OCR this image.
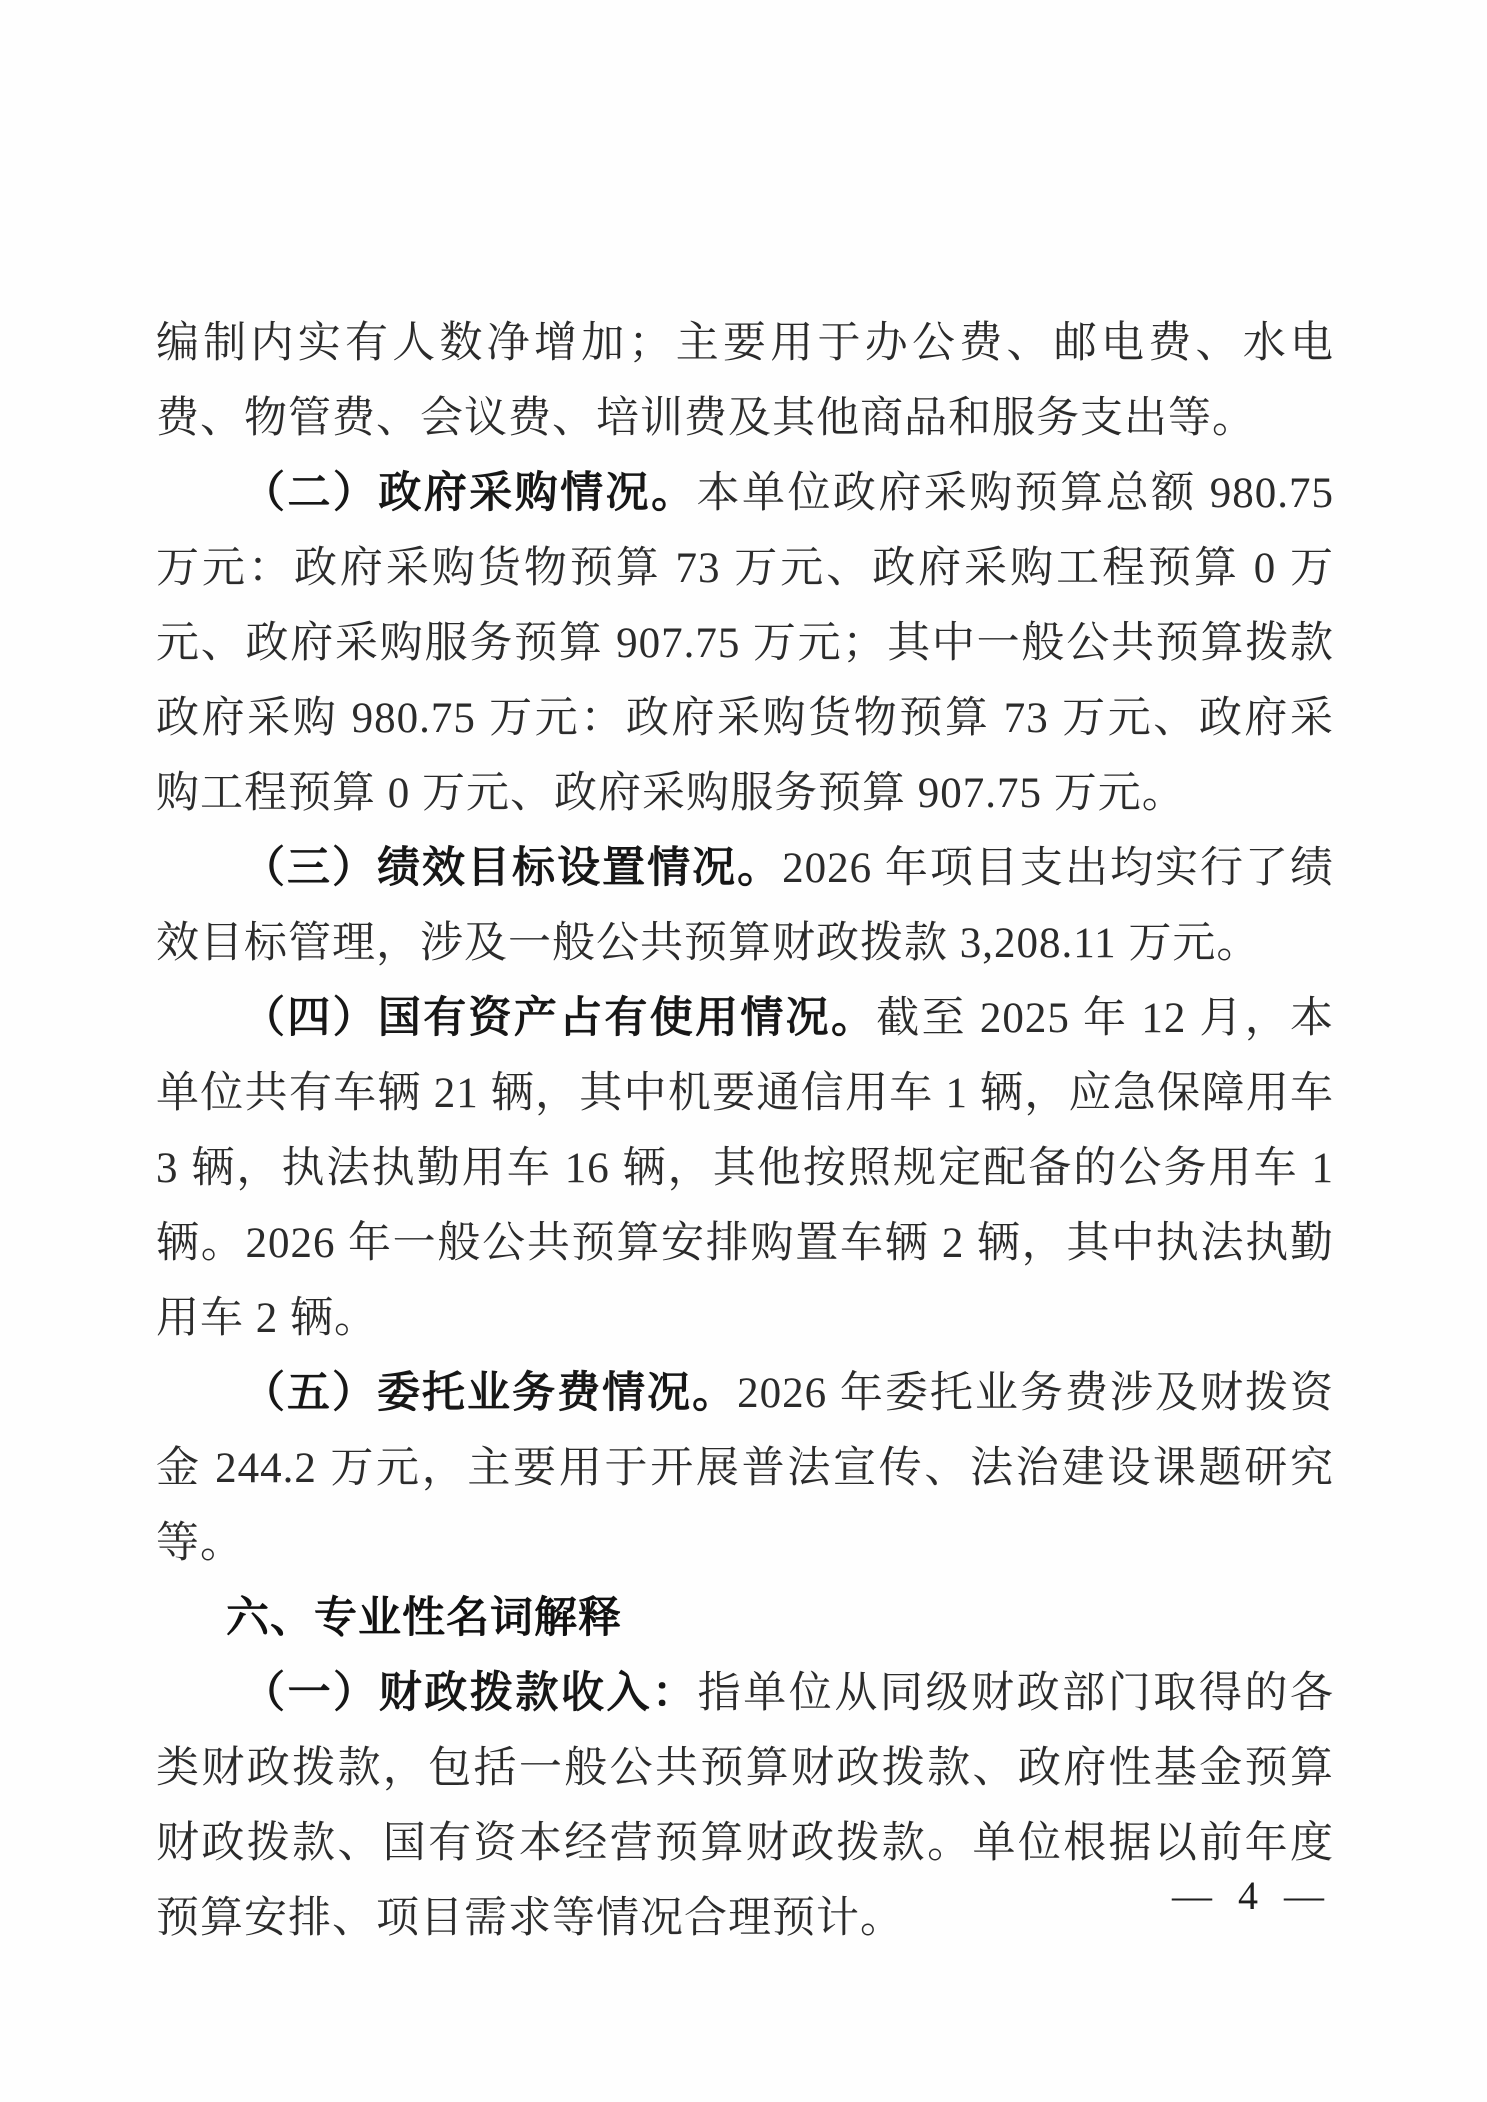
编制内实有人数净增加；主要用于办公费、邮电费、水电费、物管费、会议费、培训费及其他商品和服务支出等。

（二）政府采购情况。本单位政府采购预算总额 980.75 万元：政府采购货物预算 73 万元、政府采购工程预算 0 万元、政府采购服务预算 907.75 万元；其中一般公共预算拨款政府采购 980.75 万元：政府采购货物预算 73 万元、政府采购工程预算 0 万元、政府采购服务预算 907.75 万元。

（三）绩效目标设置情况。2026 年项目支出均实行了绩效目标管理，涉及一般公共预算财政拨款 3,208.11 万元。

（四）国有资产占有使用情况。截至 2025 年 12 月，本单位共有车辆 21 辆，其中机要通信用车 1 辆，应急保障用车 3 辆，执法执勤用车 16 辆，其他按照规定配备的公务用车 1 辆。2026 年一般公共预算安排购置车辆 2 辆，其中执法执勤用车 2 辆。

（五）委托业务费情况。2026 年委托业务费涉及财拨资金 244.2 万元，主要用于开展普法宣传、法治建设课题研究等。

六、专业性名词解释

（一）财政拨款收入：指单位从同级财政部门取得的各类财政拨款，包括一般公共预算财政拨款、政府性基金预算财政拨款、国有资本经营预算财政拨款。单位根据以前年度预算安排、项目需求等情况合理预计。	— 4 —
